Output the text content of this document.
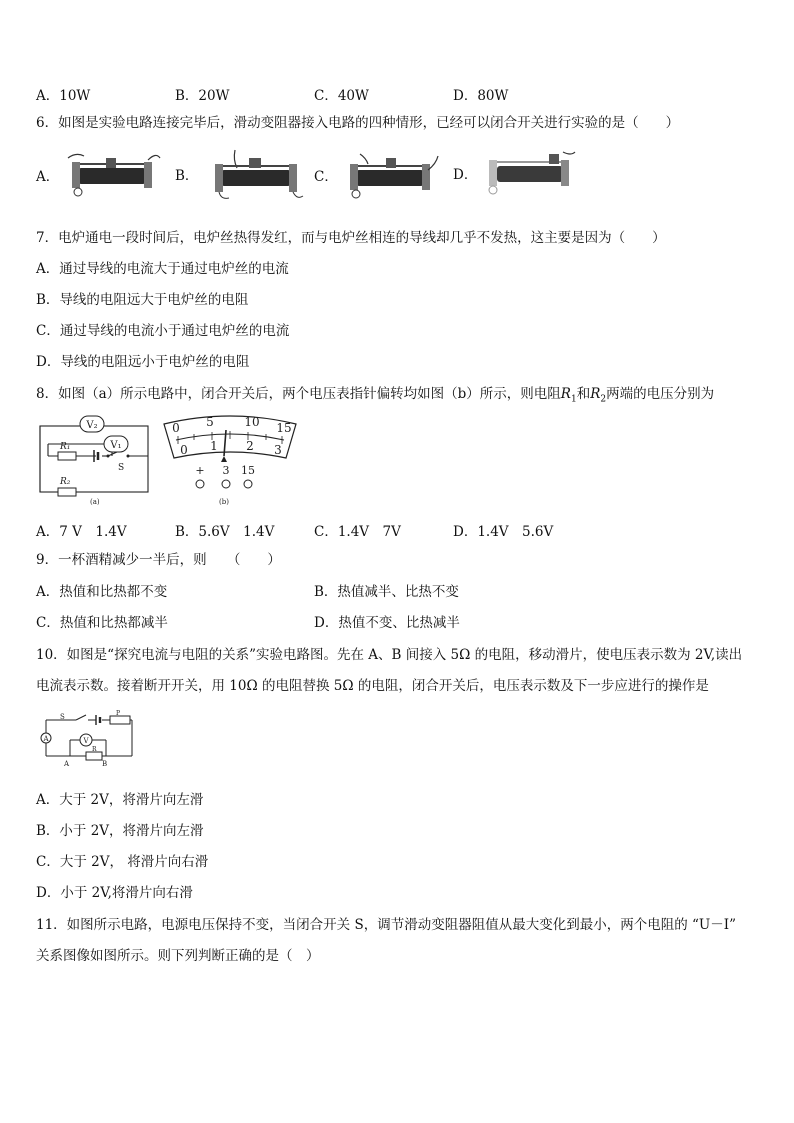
A．10W	B．20W	C．40W	D．80W
6．如图是实验电路连接完毕后，滑动变阻器接入电路的四种情形，已经可以闭合开关进行实验的是（　　）
A．	B．	C．	D．
7．电炉通电一段时间后，电炉丝热得发红，而与电炉丝相连的导线却几乎不发热，这主要是因为（　　）
A．通过导线的电流大于通过电炉丝的电流
B．导线的电阻远大于电炉丝的电阻
C．通过导线的电流小于通过电炉丝的电流
D．导线的电阻远小于电炉丝的电阻
8．如图（a）所示电路中，闭合开关后，两个电压表指针偏转均如图（b）所示，则电阻$R_1$和$R_2$两端的电压分别为
V₂
V₁
R₁
S
R₂
(a)
0 5	10 15
0 1 2 3
+ 3 15
(b)
A．7 V　1.4V	B．5.6V　1.4V	C．1.4V　7V	D．1.4V　5.6V
9．一杯酒精减少一半后，则　　（　　）
A．热值和比热都不变	B．热值减半、比热不变
C．热值和比热都减半	D．热值不变、比热减半
10．如图是“探究电流与电阻的关系”实验电路图。先在 A、B 间接入 5Ω 的电阻，移动滑片，使电压表示数为 2V,读出
电流表示数。接着断开开关，用 10Ω 的电阻替换 5Ω 的电阻，闭合开关后，电压表示数及下一步应进行的操作是
S	P
A	V
R
A	B
A．大于 2V，将滑片向左滑
B．小于 2V，将滑片向左滑
C．大于 2V， 将滑片向右滑
D．小于 2V,将滑片向右滑
11．如图所示电路，电源电压保持不变，当闭合开关 S，调节滑动变阻器阻值从最大变化到最小，两个电阻的 “U－I”
关系图像如图所示。则下列判断正确的是（　）
